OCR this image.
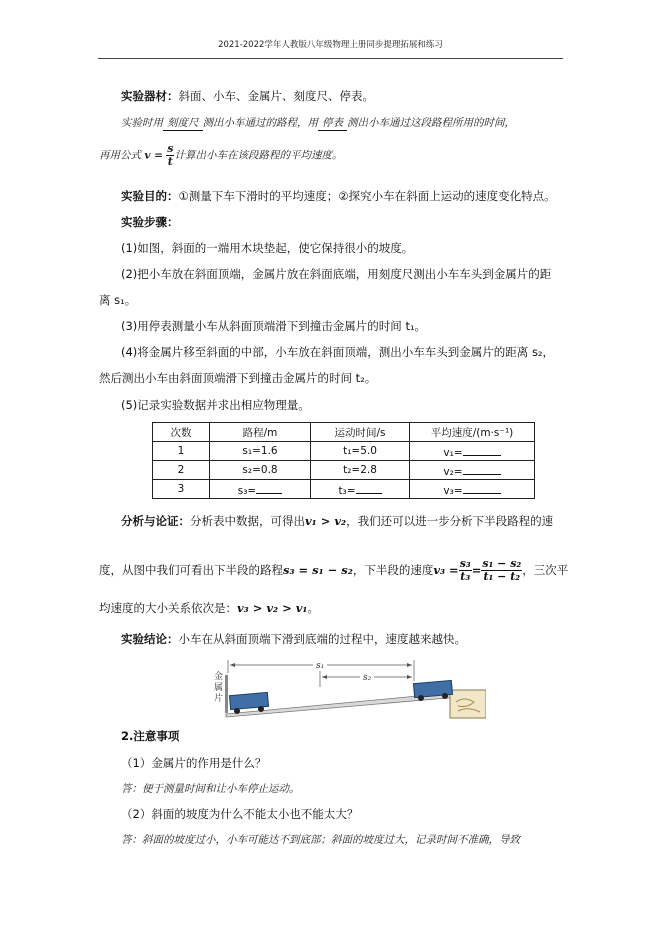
2021-2022学年人教版八年级物理上册同步提理拓展和练习
实验器材：斜面、小车、金属片、刻度尺、停表。
实验时用 刻度尺 测出小车通过的路程，用 停表 测出小车通过这段路程所用的时间，
再用公式 $v = \frac{s}{t}$ 计算出小车在该段路程的平均速度。
实验目的：①测量下车下滑时的平均速度；②探究小车在斜面上运动的速度变化特点。
实验步骤：
(1)如图，斜面的一端用木块垫起，使它保持很小的坡度。
(2)把小车放在斜面顶端，金属片放在斜面底端，用刻度尺测出小车车头到金属片的距
离 s₁。
(3)用停表测量小车从斜面顶端滑下到撞击金属片的时间 t₁。
(4)将金属片移至斜面的中部，小车放在斜面顶端，测出小车车头到金属片的距离 s₂，
然后测出小车由斜面顶端滑下到撞击金属片的时间 t₂。
(5)记录实验数据并求出相应物理量。
次数	路程/m	运动时间/s	平均速度/(m·s⁻¹)
1	s₁=1.6	t₁=5.0	v₁=
2	s₂=0.8	t₂=2.8	v₂=
3	s₃=	t₃=	v₃=
分析与论证：分析表中数据，可得出v₁ > v₂，我们还可以进一步分析下半段路程的速
度，从图中我们可看出下半段的路程s₃ = s₁ − s₂，下半段的速度$v_3 = \frac{\text{s₃}}{\text{t₃}} = \frac{\text{s₁ − s₂}}{\text{t₁ − t₂}}$ ，三次平
均速度的大小关系依次是：v₃ > v₂ > v₁。
实验结论：小车在从斜面顶端下滑到底端的过程中，速度越来越快。
金
属
片
s₁
s₂
2.注意事项
（1）金属片的作用是什么？
答：便于测量时间和让小车停止运动。
（2）斜面的坡度为什么不能太小也不能太大？
答：斜面的坡度过小，小车可能达不到底部；斜面的坡度过大，记录时间不准确，导致
